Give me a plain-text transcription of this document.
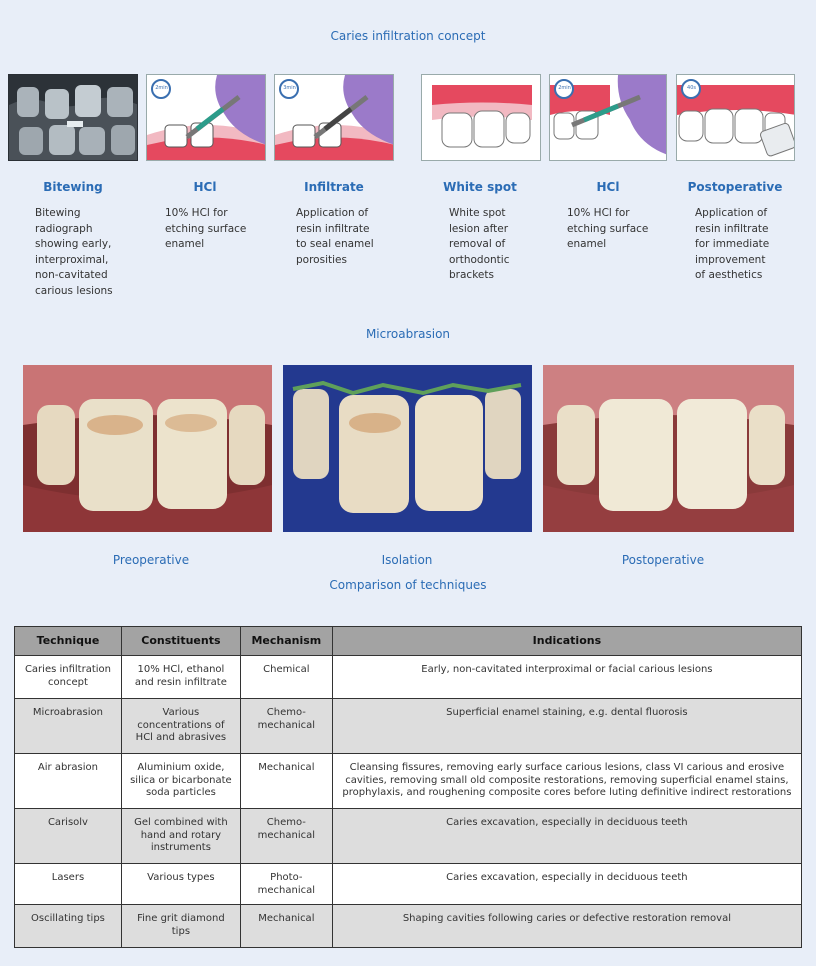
Caries infiltration concept
2min	3min	2min	40s
Bitewing	HCl	Infiltrate	White spot	HCl	Postoperative
Bitewing radiograph showing early, interproximal, non-cavitated carious lesions
10% HCl for etching surface enamel
Application of resin infiltrate to seal enamel porosities
White spot lesion after removal of orthodontic brackets
10% HCl for etching surface enamel
Application of resin infiltrate for immediate improvement of aesthetics
Microabrasion
Preoperative	Isolation	Postoperative
Comparison of techniques
Technique	Constituents	Mechanism	Indications
Caries infiltration concept	10% HCl, ethanol and resin infiltrate	Chemical	Early, non-cavitated interproximal or facial carious lesions
Microabrasion	Various concentrations of HCl and abrasives	Chemo-mechanical	Superficial enamel staining, e.g. dental fluorosis
Air abrasion	Aluminium oxide, silica or bicarbonate soda particles	Mechanical	Cleansing fissures, removing early surface carious lesions, class VI carious and erosive cavities, removing small old composite restorations, removing superficial enamel stains, prophylaxis, and roughening composite cores before luting definitive indirect restorations
Carisolv	Gel combined with hand and rotary instruments	Chemo-mechanical	Caries excavation, especially in deciduous teeth
Lasers	Various types	Photo-mechanical	Caries excavation, especially in deciduous teeth
Oscillating tips	Fine grit diamond tips	Mechanical	Shaping cavities following caries or defective restoration removal
